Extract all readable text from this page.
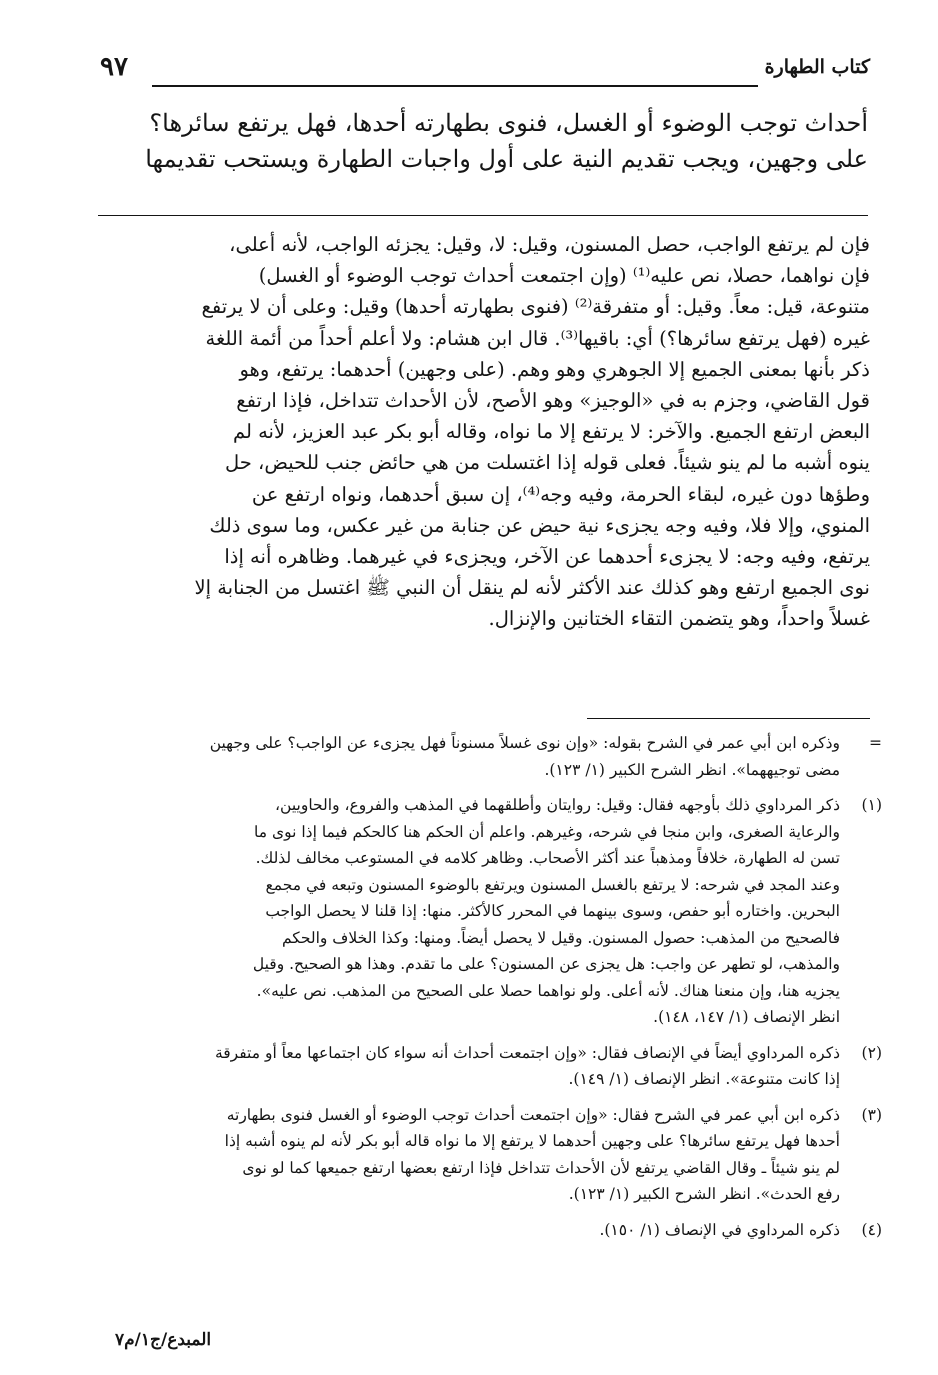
كتاب الطهارة
٩٧
أحداث توجب الوضوء أو الغسل، فنوى بطهارته أحدها، فهل يرتفع سائرها؟
على وجهين، ويجب تقديم النية على أول واجبات الطهارة ويستحب تقديمها
فإن لم يرتفع الواجب، حصل المسنون، وقيل: لا، وقيل: يجزئه الواجب، لأنه أعلى،
فإن نواهما، حصلا، نص عليه⁽¹⁾ (وإن اجتمعت أحداث توجب الوضوء أو الغسل)
متنوعة، قيل: معاً. وقيل: أو متفرقة⁽²⁾ (فنوى بطهارته أحدها) وقيل: وعلى أن لا يرتفع
غيره (فهل يرتفع سائرها؟) أي: باقيها⁽³⁾. قال ابن هشام: ولا أعلم أحداً من أئمة اللغة
ذكر بأنها بمعنى الجميع إلا الجوهري وهو وهم. (على وجهين) أحدهما: يرتفع، وهو
قول القاضي، وجزم به في «الوجيز» وهو الأصح، لأن الأحداث تتداخل، فإذا ارتفع
البعض ارتفع الجميع. والآخر: لا يرتفع إلا ما نواه، وقاله أبو بكر عبد العزيز، لأنه لم
ينوه أشبه ما لم ينو شيئاً. فعلى قوله إذا اغتسلت من هي حائض جنب للحيض، حل
وطؤها دون غيره، لبقاء الحرمة، وفيه وجه⁽⁴⁾، إن سبق أحدهما، ونواه ارتفع عن
المنوي، وإلا فلا، وفيه وجه يجزىء نية حيض عن جنابة من غير عكس، وما سوى ذلك
يرتفع، وفيه وجه: لا يجزىء أحدهما عن الآخر، ويجزىء في غيرهما. وظاهره أنه إذا
نوى الجميع ارتفع وهو كذلك عند الأكثر لأنه لم ينقل أن النبي ﷺ اغتسل من الجنابة إلا
غسلاً واحداً، وهو يتضمن التقاء الختانين والإنزال.
=
وذكره ابن أبي عمر في الشرح بقوله: «وإن نوى غسلاً مسنوناً فهل يجزىء عن الواجب؟ على وجهين
مضى توجيههما». انظر الشرح الكبير (١/ ١٢٣).
(١)
ذكر المرداوي ذلك بأوجهه فقال: وقيل: روايتان وأطلقهما في المذهب والفروع، والحاويين،
والرعاية الصغرى، وابن منجا في شرحه، وغيرهم. واعلم أن الحكم هنا كالحكم فيما إذا نوى ما
تسن له الطهارة، خلافاً ومذهباً عند أكثر الأصحاب. وظاهر كلامه في المستوعب مخالف لذلك.
وعند المجد في شرحه: لا يرتفع بالغسل المسنون ويرتفع بالوضوء المسنون وتبعه في مجمع
البحرين. واختاره أبو حفص، وسوى بينهما في المحرر كالأكثر. منها: إذا قلنا لا يحصل الواجب
فالصحيح من المذهب: حصول المسنون. وقيل لا يحصل أيضاً. ومنها: وكذا الخلاف والحكم
والمذهب، لو تطهر عن واجب: هل يجزى عن المسنون؟ على ما تقدم. وهذا هو الصحيح. وقيل
يجزيه هنا، وإن منعنا هناك. لأنه أعلى. ولو نواهما حصلا على الصحيح من المذهب. نص عليه».
انظر الإنصاف (١/ ١٤٧، ١٤٨).
(٢)
ذكره المرداوي أيضاً في الإنصاف فقال: «وإن اجتمعت أحداث أنه سواء كان اجتماعها معاً أو متفرقة
إذا كانت متنوعة». انظر الإنصاف (١/ ١٤٩).
(٣)
ذكره ابن أبي عمر في الشرح فقال: «وإن اجتمعت أحداث توجب الوضوء أو الغسل فنوى بطهارته
أحدها فهل يرتفع سائرها؟ على وجهين أحدهما لا يرتفع إلا ما نواه قاله أبو بكر لأنه لم ينوه أشبه إذا
لم ينو شيئاً ـ وقال القاضي يرتفع لأن الأحداث تتداخل فإذا ارتفع بعضها ارتفع جميعها كما لو نوى
رفع الحدث». انظر الشرح الكبير (١/ ١٢٣).
(٤)
ذكره المرداوي في الإنصاف (١/ ١٥٠).
المبدع/ج١/م٧
